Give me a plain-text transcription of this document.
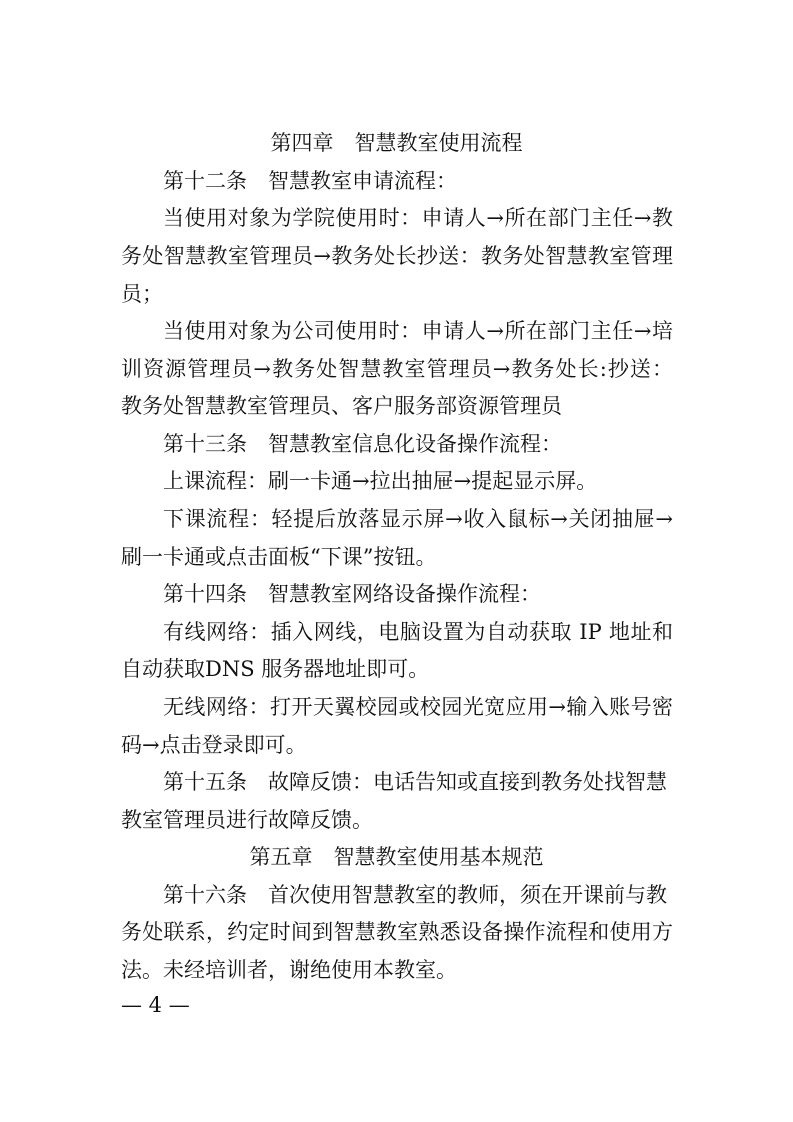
第四章 智慧教室使用流程
第十二条 智慧教室申请流程：
当使用对象为学院使用时：申请人→所在部门主任→教
务处智慧教室管理员→教务处长抄送：教务处智慧教室管理
员；
当使用对象为公司使用时：申请人→所在部门主任→培
训资源管理员→教务处智慧教室管理员→教务处长:抄送：
教务处智慧教室管理员、客户服务部资源管理员
第十三条 智慧教室信息化设备操作流程：
上课流程：刷一卡通→拉出抽屉→提起显示屏。
下课流程：轻提后放落显示屏→收入鼠标→关闭抽屉→
刷一卡通或点击面板“下课”按钮。
第十四条 智慧教室网络设备操作流程：
有线网络：插入网线，电脑设置为自动获取 IP 地址和
自动获取DNS 服务器地址即可。
无线网络：打开天翼校园或校园光宽应用→输入账号密
码→点击登录即可。
第十五条 故障反馈：电话告知或直接到教务处找智慧
教室管理员进行故障反馈。
第五章 智慧教室使用基本规范
第十六条 首次使用智慧教室的教师，须在开课前与教
务处联系，约定时间到智慧教室熟悉设备操作流程和使用方
法。未经培训者，谢绝使用本教室。
— 4 —
